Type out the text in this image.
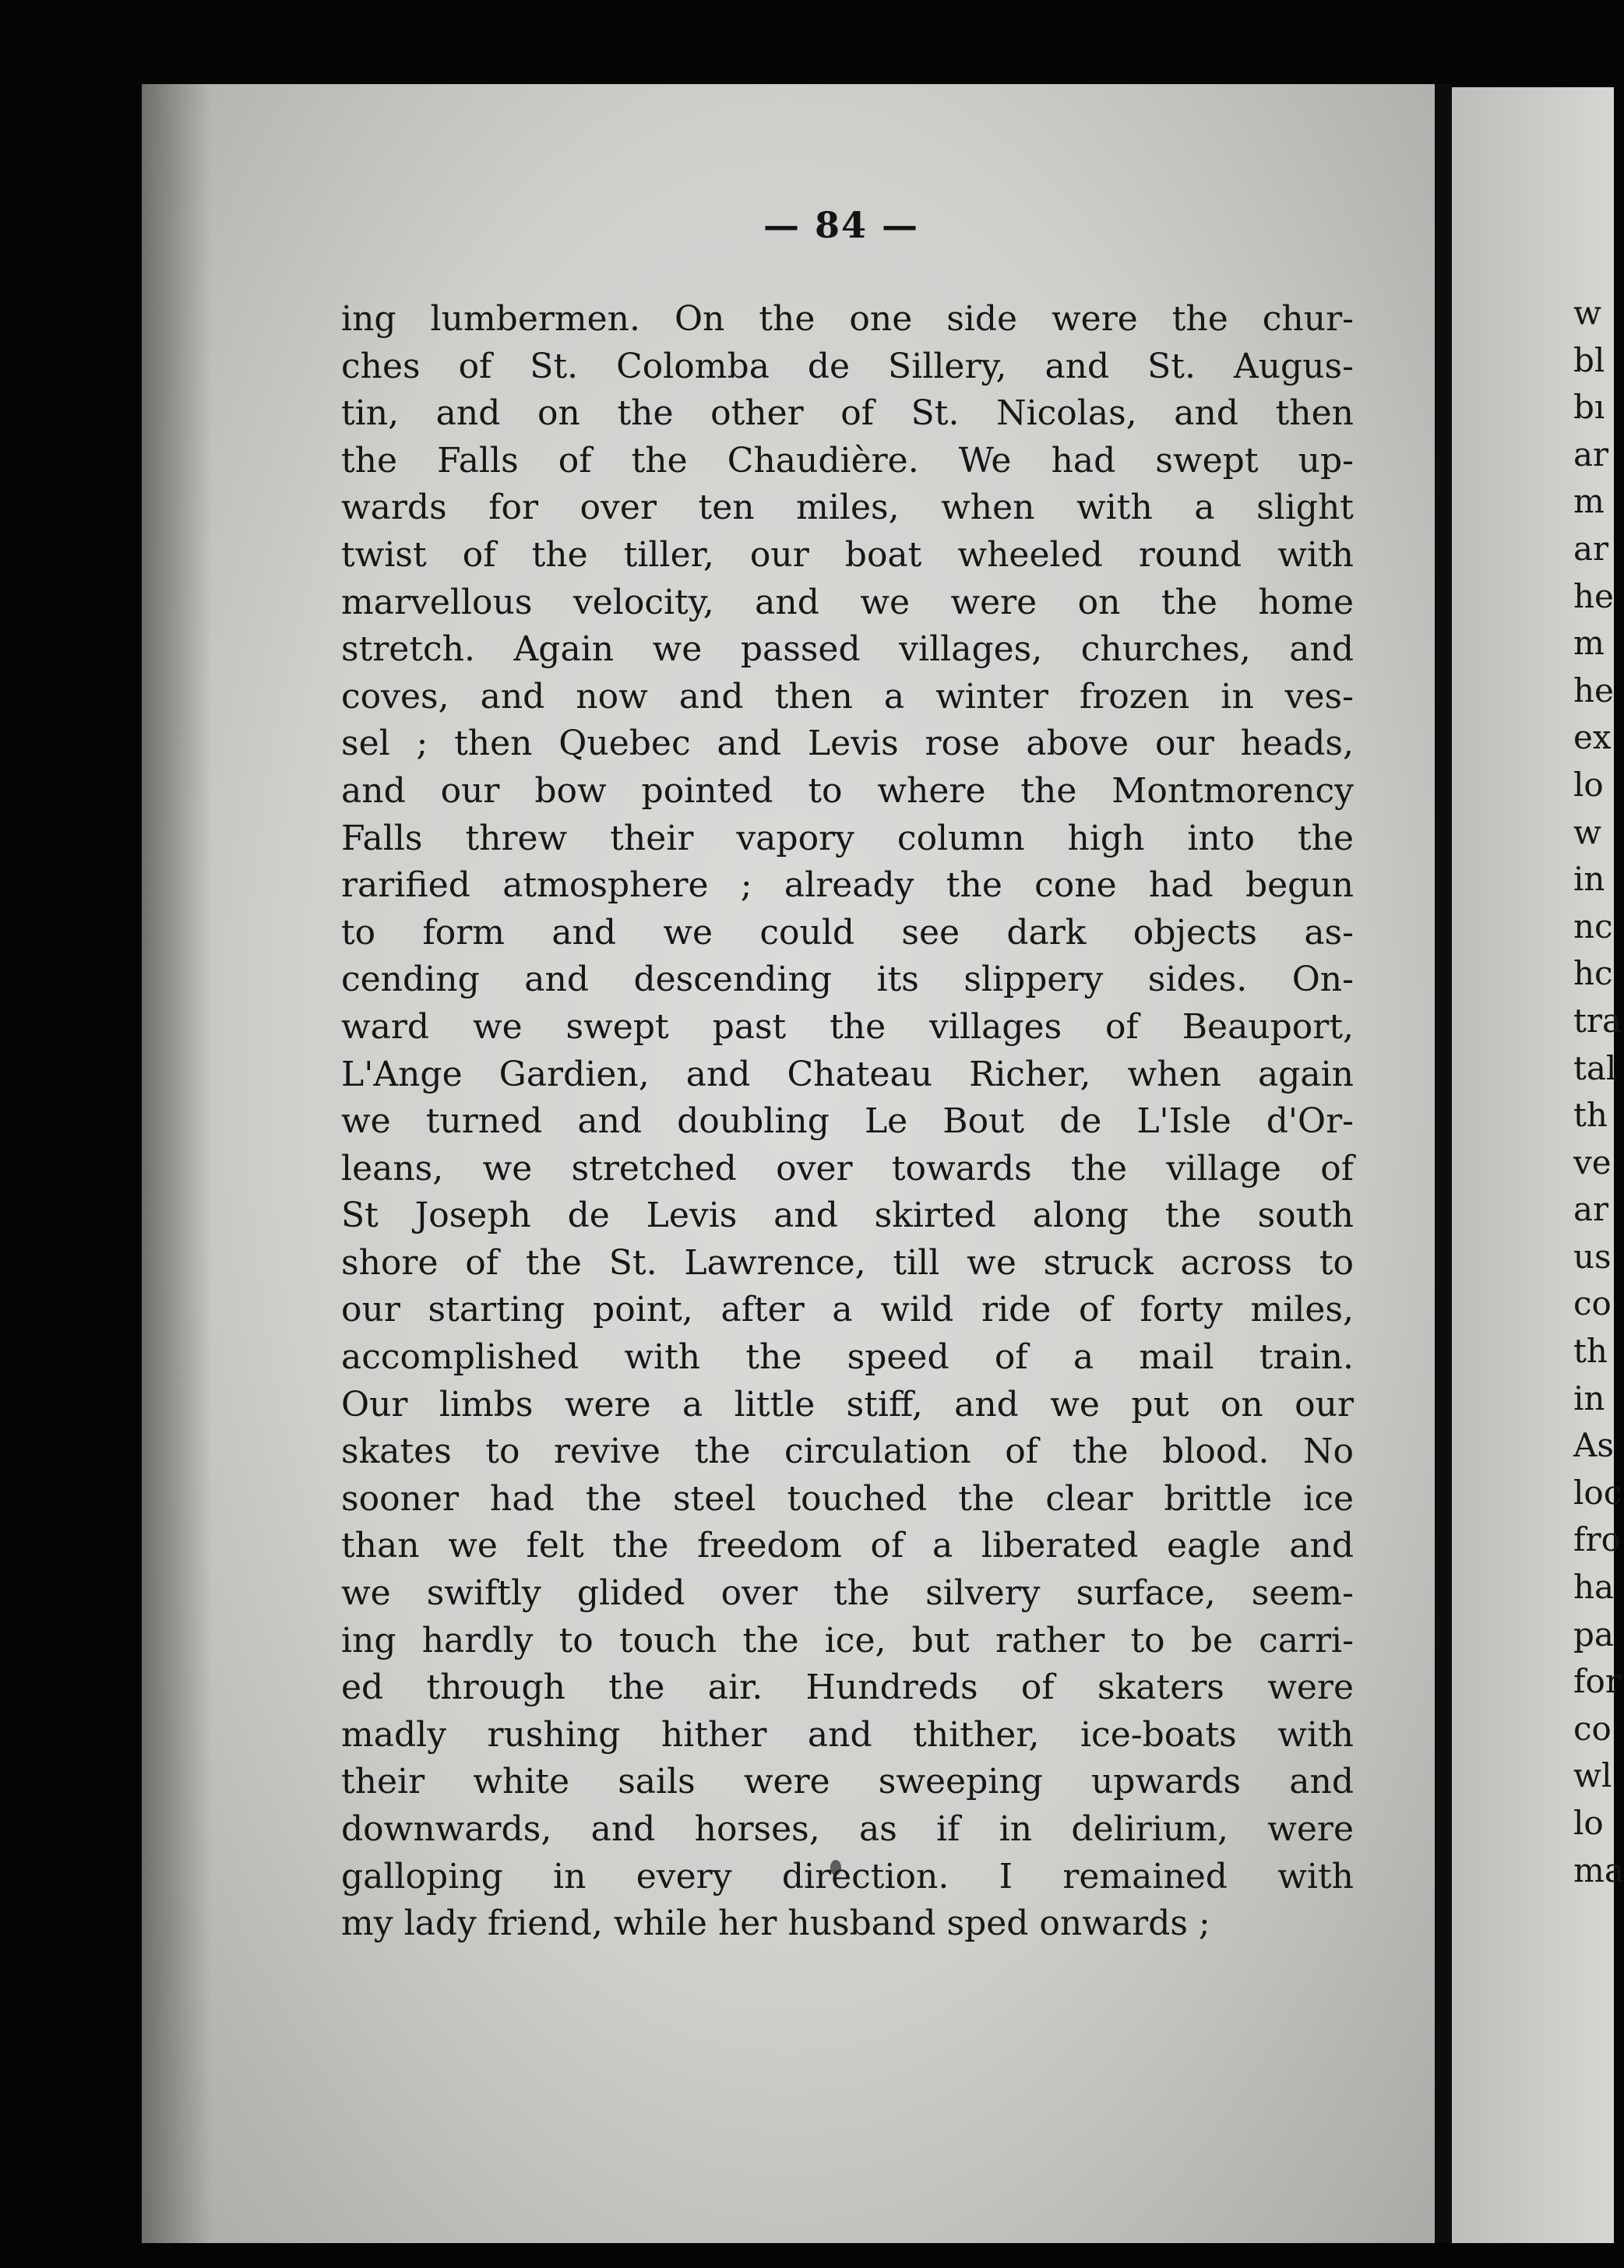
— 84 —
ing lumbermen. On the one side were the chur-
ches of St. Colomba de Sillery, and St. Augus-
tin, and on the other of St. Nicolas, and then
the Falls of the Chaudière. We had swept up-
wards for over ten miles, when with a slight
twist of the tiller, our boat wheeled round with
marvellous velocity, and we were on the home
stretch. Again we passed villages, churches, and
coves, and now and then a winter frozen in ves-
sel ; then Quebec and Levis rose above our heads,
and our bow pointed to where the Montmorency
Falls threw their vapory column high into the
rarified atmosphere ; already the cone had begun
to form and we could see dark objects as-
cending and descending its slippery sides. On-
ward we swept past the villages of Beauport,
L'Ange Gardien, and Chateau Richer, when again
we turned and doubling Le Bout de L'Isle d'Or-
leans, we stretched over towards the village of
St Joseph de Levis and skirted along the south
shore of the St. Lawrence, till we struck across to
our starting point, after a wild ride of forty miles,
accomplished with the speed of a mail train.
Our limbs were a little stiff, and we put on our
skates to revive the circulation of the blood. No
sooner had the steel touched the clear brittle ice
than we felt the freedom of a liberated eagle and
we swiftly glided over the silvery surface, seem-
ing hardly to touch the ice, but rather to be carri-
ed through the air. Hundreds of skaters were
madly rushing hither and thither, ice-boats with
their white sails were sweeping upwards and
downwards, and horses, as if in delirium, were
galloping in every direction. I remained with
my lady friend, while her husband sped onwards ;
w
bl
bı
ar
m
ar
he
m
he
ex
lo
w
in
nc
hc
tra
tal
th
ve
ar
us
co
th
in
As
loc
fro
ha
pa
for
co
wl
lo
ma
